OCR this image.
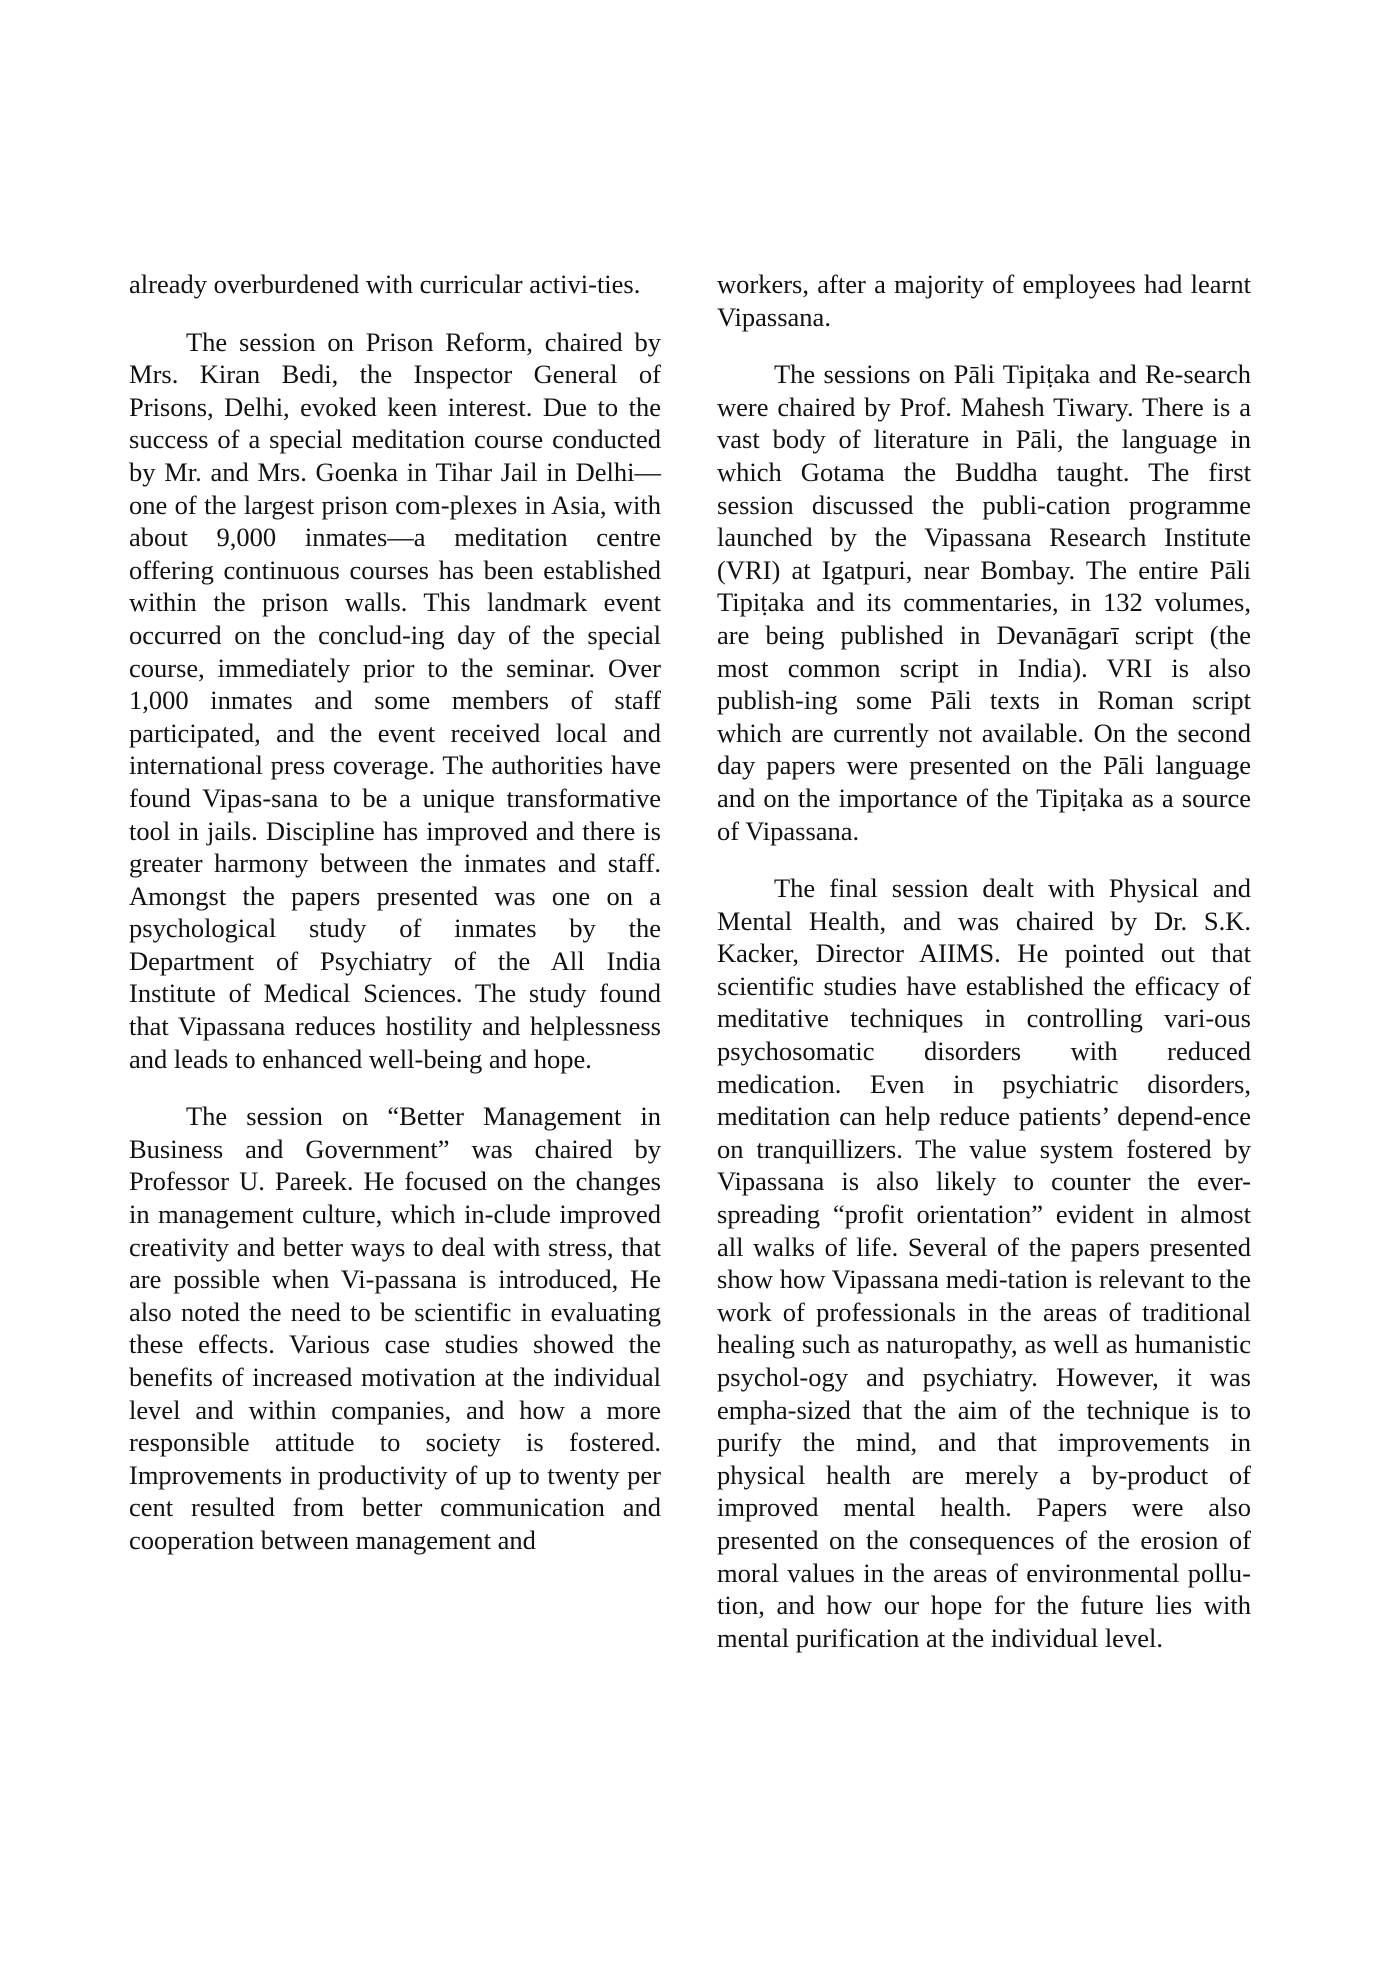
already overburdened with curricular activi-ties.

The session on Prison Reform, chaired by Mrs. Kiran Bedi, the Inspector General of Prisons, Delhi, evoked keen interest. Due to the success of a special meditation course conducted by Mr. and Mrs. Goenka in Tihar Jail in Delhi—one of the largest prison com-plexes in Asia, with about 9,000 inmates—a meditation centre offering continuous courses has been established within the prison walls. This landmark event occurred on the conclud-ing day of the special course, immediately prior to the seminar. Over 1,000 inmates and some members of staff participated, and the event received local and international press coverage. The authorities have found Vipas-sana to be a unique transformative tool in jails. Discipline has improved and there is greater harmony between the inmates and staff. Amongst the papers presented was one on a psychological study of inmates by the Department of Psychiatry of the All India Institute of Medical Sciences. The study found that Vipassana reduces hostility and helplessness and leads to enhanced well-being and hope.

The session on “Better Management in Business and Government” was chaired by Professor U. Pareek. He focused on the changes in management culture, which in-clude improved creativity and better ways to deal with stress, that are possible when Vi-passana is introduced, He also noted the need to be scientific in evaluating these effects. Various case studies showed the benefits of increased motivation at the individual level and within companies, and how a more responsible attitude to society is fostered. Improvements in productivity of up to twenty per cent resulted from better communication and cooperation between management and

workers, after a majority of employees had learnt Vipassana.

The sessions on Pāli Tipiṭaka and Re-search were chaired by Prof. Mahesh Tiwary. There is a vast body of literature in Pāli, the language in which Gotama the Buddha taught. The first session discussed the publi-cation programme launched by the Vipassana Research Institute (VRI) at Igatpuri, near Bombay. The entire Pāli Tipiṭaka and its commentaries, in 132 volumes, are being published in Devanāgarī script (the most common script in India). VRI is also publish-ing some Pāli texts in Roman script which are currently not available. On the second day papers were presented on the Pāli language and on the importance of the Tipiṭaka as a source of Vipassana.

The final session dealt with Physical and Mental Health, and was chaired by Dr. S.K. Kacker, Director AIIMS. He pointed out that scientific studies have established the efficacy of meditative techniques in controlling vari-ous psychosomatic disorders with reduced medication. Even in psychiatric disorders, meditation can help reduce patients’ depend-ence on tranquillizers. The value system fostered by Vipassana is also likely to counter the ever-spreading “profit orientation” evident in almost all walks of life. Several of the papers presented show how Vipassana medi-tation is relevant to the work of professionals in the areas of traditional healing such as naturopathy, as well as humanistic psychol-ogy and psychiatry. However, it was empha-sized that the aim of the technique is to purify the mind, and that improvements in physical health are merely a by-product of improved mental health. Papers were also presented on the consequences of the erosion of moral values in the areas of environmental pollu-tion, and how our hope for the future lies with mental purification at the individual level.
